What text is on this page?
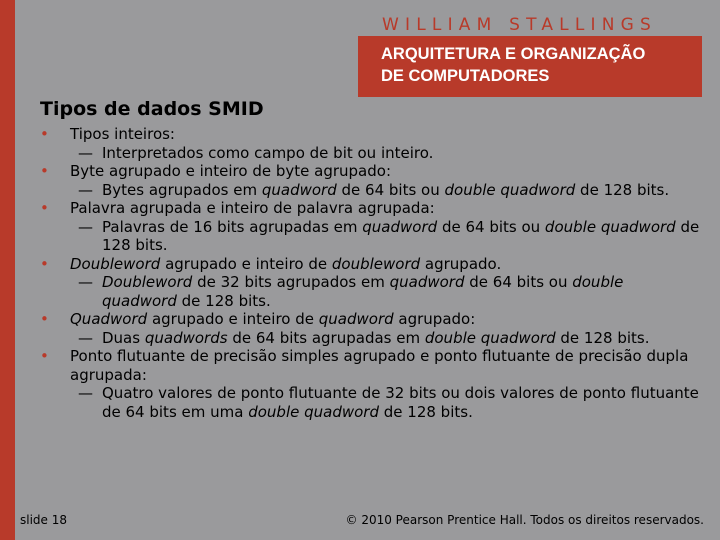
WILLIAM STALLINGS
ARQUITETURA E ORGANIZAÇÃO
DE COMPUTADORES
Tipos de dados SMID
• Tipos inteiros:
— Interpretados como campo de bit ou inteiro.
• Byte agrupado e inteiro de byte agrupado:
— Bytes agrupados em quadword de 64 bits ou double quadword de 128 bits.
• Palavra agrupada e inteiro de palavra agrupada:
— Palavras de 16 bits agrupadas em quadword de 64 bits ou double quadword de 128 bits.
• Doubleword agrupado e inteiro de doubleword agrupado.
— Doubleword de 32 bits agrupados em quadword de 64 bits ou double quadword de 128 bits.
• Quadword agrupado e inteiro de quadword agrupado:
— Duas quadwords de 64 bits agrupadas em double quadword de 128 bits.
• Ponto flutuante de precisão simples agrupado e ponto flutuante de precisão dupla agrupada:
— Quatro valores de ponto flutuante de 32 bits ou dois valores de ponto flutuante de 64 bits em uma double quadword de 128 bits.
slide 18	© 2010 Pearson Prentice Hall. Todos os direitos reservados.
